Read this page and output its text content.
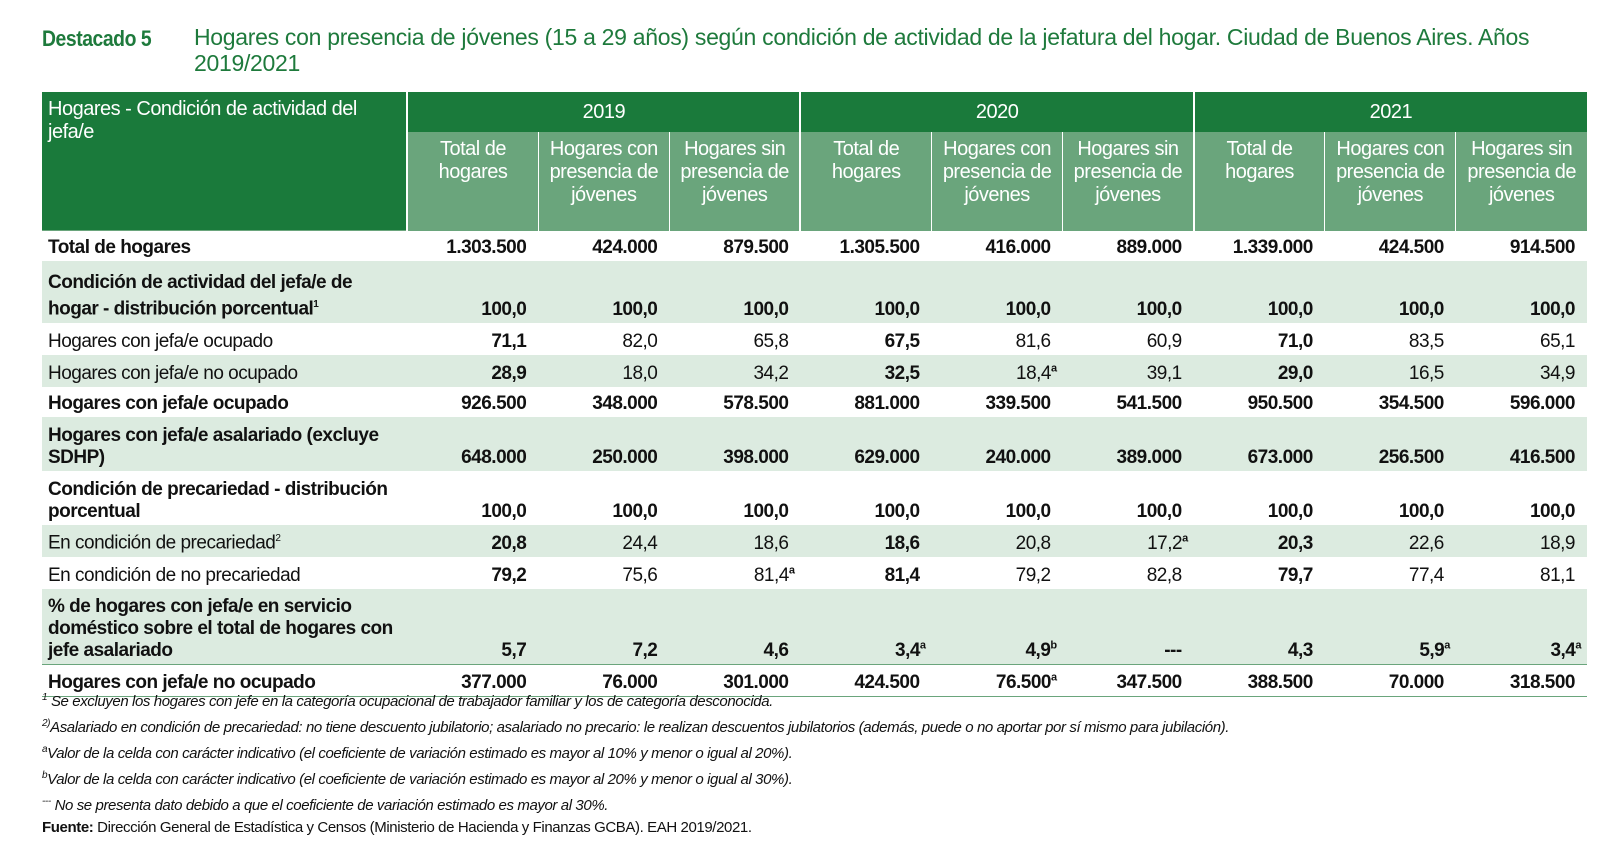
Destacado 5 Hogares con presencia de jóvenes (15 a 29 años) según condición de actividad de la jefatura del hogar. Ciudad de Buenos Aires. Años 2019/2021
Hogares - Condición de actividad del jefa/e	2019			2020			2021		
	Total de hogares	Hogares con presencia de jóvenes	Hogares sin presencia de jóvenes	Total de hogares	Hogares con presencia de jóvenes	Hogares sin presencia de jóvenes	Total de hogares	Hogares con presencia de jóvenes	Hogares sin presencia de jóvenes
Total de hogares	1.303.500	424.000	879.500	1.305.500	416.000	889.000	1.339.000	424.500	914.500
Condición de actividad del jefa/e de hogar - distribución porcentual$^1$	100,0	100,0	100,0	100,0	100,0	100,0	100,0	100,0	100,0
Hogares con jefa/e ocupado	71,1	82,0	65,8	67,5	81,6	60,9	71,0	83,5	65,1
Hogares con jefa/e no ocupado	28,9	18,0	34,2	32,5	18,4$^a$	39,1	29,0	16,5	34,9
Hogares con jefa/e ocupado	926.500	348.000	578.500	881.000	339.500	541.500	950.500	354.500	596.000
Hogares con jefa/e asalariado (excluye SDHP)	648.000	250.000	398.000	629.000	240.000	389.000	673.000	256.500	416.500
Condición de precariedad - distribución porcentual	100,0	100,0	100,0	100,0	100,0	100,0	100,0	100,0	100,0
En condición de precariedad$^2$	20,8	24,4	18,6	18,6	20,8	17,2$^a$	20,3	22,6	18,9
En condición de no precariedad	79,2	75,6	81,4$^a$	81,4	79,2	82,8	79,7	77,4	81,1
% de hogares con jefa/e en servicio doméstico sobre el total de hogares con jefe asalariado	5,7	7,2	4,6	3,4$^a$	4,9$^b$	---	4,3	5,9$^a$	3,4$^a$
Hogares con jefa/e no ocupado	377.000	76.000	301.000	424.500	76.500$^a$	347.500	388.500	70.000	318.500
$^1$ Se excluyen los hogares con jefe en la categoría ocupacional de trabajador familiar y los de categoría desconocida.
$^{2)}$Asalariado en condición de precariedad: no tiene descuento jubilatorio; asalariado no precario: le realizan descuentos jubilatorios (además, puede o no aportar por sí mismo para jubilación).
$^a$Valor de la celda con carácter indicativo (el coeficiente de variación estimado es mayor al 10% y menor o igual al 20%).
$^b$Valor de la celda con carácter indicativo (el coeficiente de variación estimado es mayor al 20% y menor o igual al 30%).
--- No se presenta dato debido a que el coeficiente de variación estimado es mayor al 30%.
Fuente: Dirección General de Estadística y Censos (Ministerio de Hacienda y Finanzas GCBA). EAH 2019/2021.
